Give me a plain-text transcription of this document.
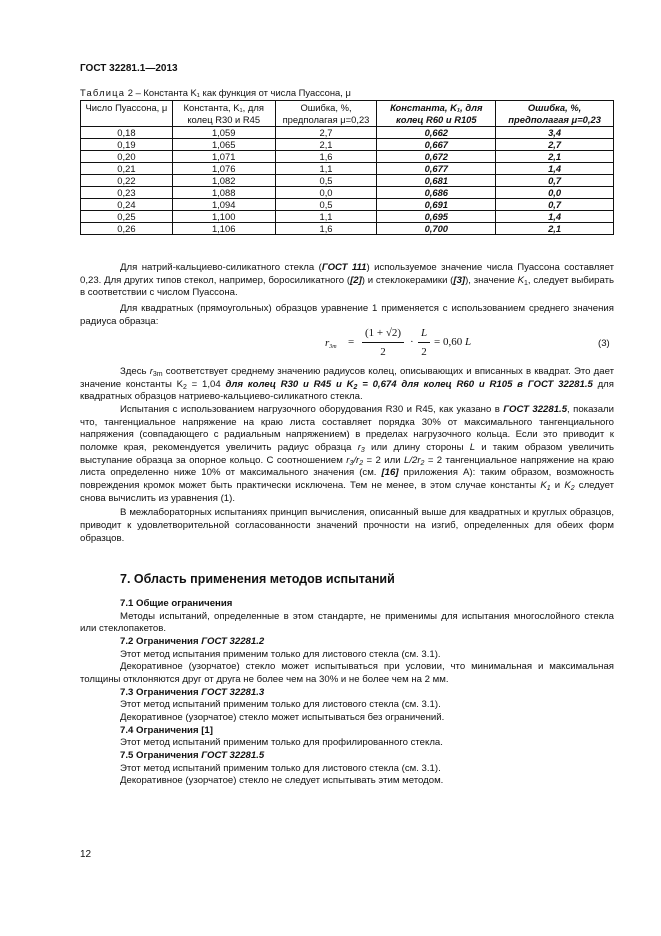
ГОСТ 32281.1—2013
Таблица 2 – Константа K₁ как функция от числа Пуассона, μ
Число Пуассона, μ	Константа, K₁, для колец R30 и R45	Ошибка, %, предполагая μ=0,23	Константа, K₁, для колец R60 и R105	Ошибка, %, предполагая μ=0,23
0,18	1,059	2,7	0,662	3,4
0,19	1,065	2,1	0,667	2,7
0,20	1,071	1,6	0,672	2,1
0,21	1,076	1,1	0,677	1,4
0,22	1,082	0,5	0,681	0,7
0,23	1,088	0,0	0,686	0,0
0,24	1,094	0,5	0,691	0,7
0,25	1,100	1,1	0,695	1,4
0,26	1,106	1,6	0,700	2,1

Для натрий-кальциево-силикатного стекла (ГОСТ 111) используемое значение числа Пуассона составляет 0,23. Для других типов стекол, например, боросиликатного ([2]) и стеклокерамики ([3]), значение $K_1$, следует выбирать в соответствии с числом Пуассона.

Для квадратных (прямоугольных) образцов уравнение 1 применяется с использованием среднего значения радиуса образца:

$r_{3m}$ =
(1 + √2)
2
·
L
2
= 0,60 L	(3)

Здесь $r_{3m}$ соответствует среднему значению радиусов колец, описывающих и вписанных в квадрат. Это дает значение константы $K_2 = 1,04$ для колец R30 и R45 и $K_2 = 0,674$ для колец R60 и R105 в ГОСТ 32281.5 для квадратных образцов натриево-кальциево-силикатного стекла.

Испытания с использованием нагрузочного оборудования R30 и R45, как указано в ГОСТ 32281.5, показали что, тангенциальное напряжение на краю листа составляет порядка 30% от максимального тангенциального напряжения (совпадающего с радиальным напряжением) в пределах нагрузочного кольца. Если это приводит к поломке края, рекомендуется увеличить радиус образца $r_3$ или длину стороны L и таким образом увеличить выступание образца за опорное кольцо. С соотношением $r_3/r_2 = 2$ или $L/2r_2 = 2$ тангенциальное напряжение на краю листа определенно ниже 10% от максимального значения (см. [16] приложения А): таким образом, возможность повреждения кромок может быть практически исключена. Тем не менее, в этом случае константы $K_1$ и $K_2$ следует снова вычислить из уравнения (1).

В межлабораторных испытаниях принцип вычисления, описанный выше для квадратных и круглых образцов, приводит к удовлетворительной согласованности значений прочности на изгиб, определенных для обеих форм образцов.

7. Область применения методов испытаний

7.1 Общие ограничения

Методы испытаний, определенные в этом стандарте, не применимы для испытания многослойного стекла или стеклопакетов.

7.2 Ограничения ГОСТ 32281.2

Этот метод испытания применим только для листового стекла (см. 3.1).

Декоративное (узорчатое) стекло может испытываться при условии, что минимальная и максимальная толщины отклоняются друг от друга не более чем на 30% и не более чем на 2 мм.

7.3 Ограничения ГОСТ 32281.3

Этот метод испытаний применим только для листового стекла (см. 3.1).

Декоративное (узорчатое) стекло может испытываться без ограничений.

7.4 Ограничения [1]

Этот метод испытаний применим только для профилированного стекла.

7.5 Ограничения ГОСТ 32281.5

Этот метод испытаний применим только для листового стекла (см. 3.1).

Декоративное (узорчатое) стекло не следует испытывать этим методом.

12
